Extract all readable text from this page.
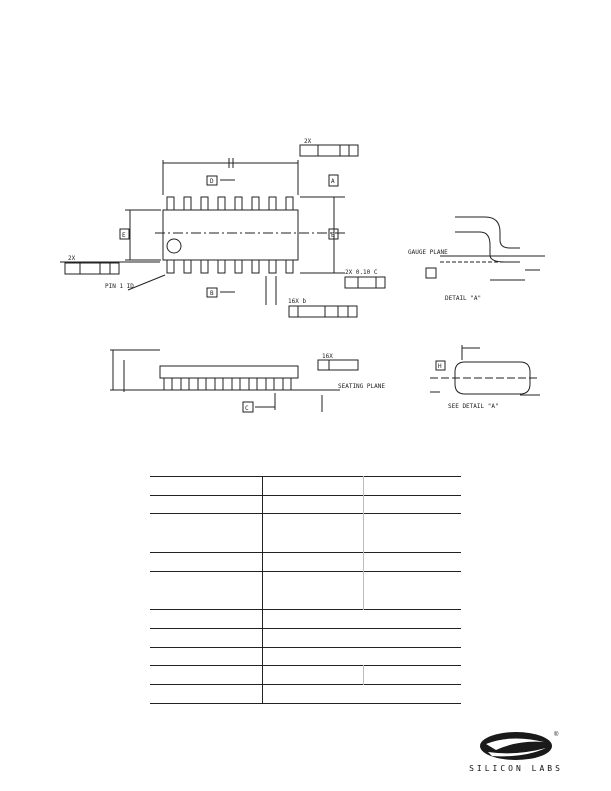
2X
2X
D	A
E
E
B
PIN 1 ID
2X 0.10 C
16X b	DETAIL "A"
GAUGE PLANE
SEATING PLANE
16X
C
H
SEE DETAIL "A"

®
SILICON LABS
